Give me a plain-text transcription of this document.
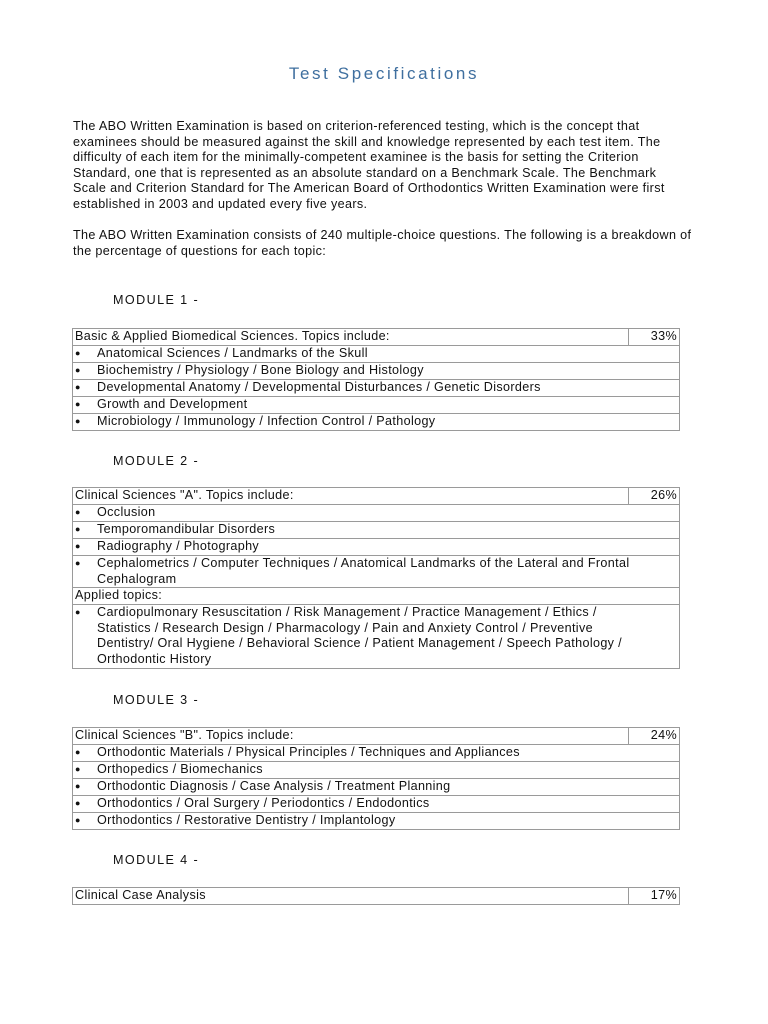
Test Specifications

The ABO Written Examination is based on criterion-referenced testing, which is the concept that examinees should be measured against the skill and knowledge represented by each test item. The difficulty of each item for the minimally-competent examinee is the basis for setting the Criterion Standard, one that is represented as an absolute standard on a Benchmark Scale. The Benchmark Scale and Criterion Standard for The American Board of Orthodontics Written Examination were first established in 2003 and updated every five years.

The ABO Written Examination consists of 240 multiple-choice questions. The following is a breakdown of the percentage of questions for each topic:

MODULE 1 -
Basic & Applied Biomedical Sciences. Topics include:	33%
● Anatomical Sciences / Landmarks of the Skull
● Biochemistry / Physiology / Bone Biology and Histology
● Developmental Anatomy / Developmental Disturbances / Genetic Disorders
● Growth and Development
● Microbiology / Immunology / Infection Control / Pathology
MODULE 2 -
Clinical Sciences "A". Topics include:	26%
● Occlusion
● Temporomandibular Disorders
● Radiography / Photography
● Cephalometrics / Computer Techniques / Anatomical Landmarks of the Lateral and Frontal Cephalogram
Applied topics:
● Cardiopulmonary Resuscitation / Risk Management / Practice Management / Ethics / Statistics / Research Design / Pharmacology / Pain and Anxiety Control / Preventive Dentistry/ Oral Hygiene / Behavioral Science / Patient Management / Speech Pathology / Orthodontic History
MODULE 3 -
Clinical Sciences "B". Topics include:	24%
● Orthodontic Materials / Physical Principles / Techniques and Appliances
● Orthopedics / Biomechanics
● Orthodontic Diagnosis / Case Analysis / Treatment Planning
● Orthodontics / Oral Surgery / Periodontics / Endodontics
● Orthodontics / Restorative Dentistry / Implantology
MODULE 4 -
Clinical Case Analysis	17%
